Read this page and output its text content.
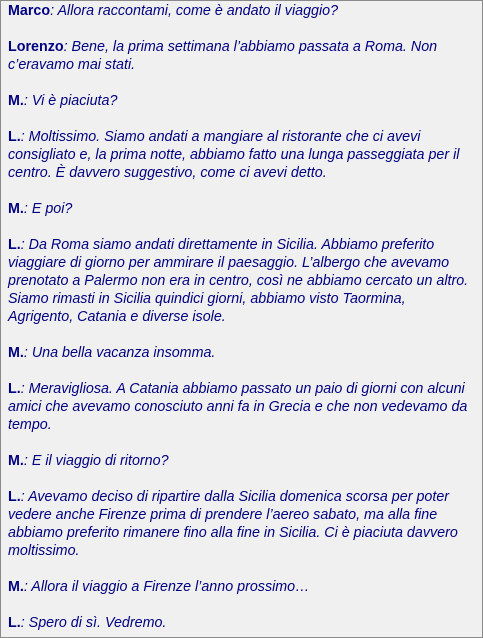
Marco: Allora raccontami, come è andato il viaggio?

Lorenzo: Bene, la prima settimana l’abbiamo passata a Roma. Non c’eravamo mai stati.

M.: Vi è piaciuta?

L.: Moltissimo. Siamo andati a mangiare al ristorante che ci avevi consigliato e, la prima notte, abbiamo fatto una lunga passeggiata per il centro. È davvero suggestivo, come ci avevi detto.

M.: E poi?

L.: Da Roma siamo andati direttamente in Sicilia. Abbiamo preferito viaggiare di giorno per ammirare il paesaggio. L’albergo che avevamo prenotato a Palermo non era in centro, così ne abbiamo cercato un altro. Siamo rimasti in Sicilia quindici giorni, abbiamo visto Taormina, Agrigento, Catania e diverse isole.

M.: Una bella vacanza insomma.

L.: Meravigliosa. A Catania abbiamo passato un paio di giorni con alcuni amici che avevamo conosciuto anni fa in Grecia e che non vedevamo da tempo.

M.: E il viaggio di ritorno?

L.: Avevamo deciso di ripartire dalla Sicilia domenica scorsa per poter vedere anche Firenze prima di prendere l’aereo sabato, ma alla fine abbiamo preferito rimanere fino alla fine in Sicilia. Ci è piaciuta davvero moltissimo.

M.: Allora il viaggio a Firenze l’anno prossimo…

L.: Spero di sì. Vedremo.
